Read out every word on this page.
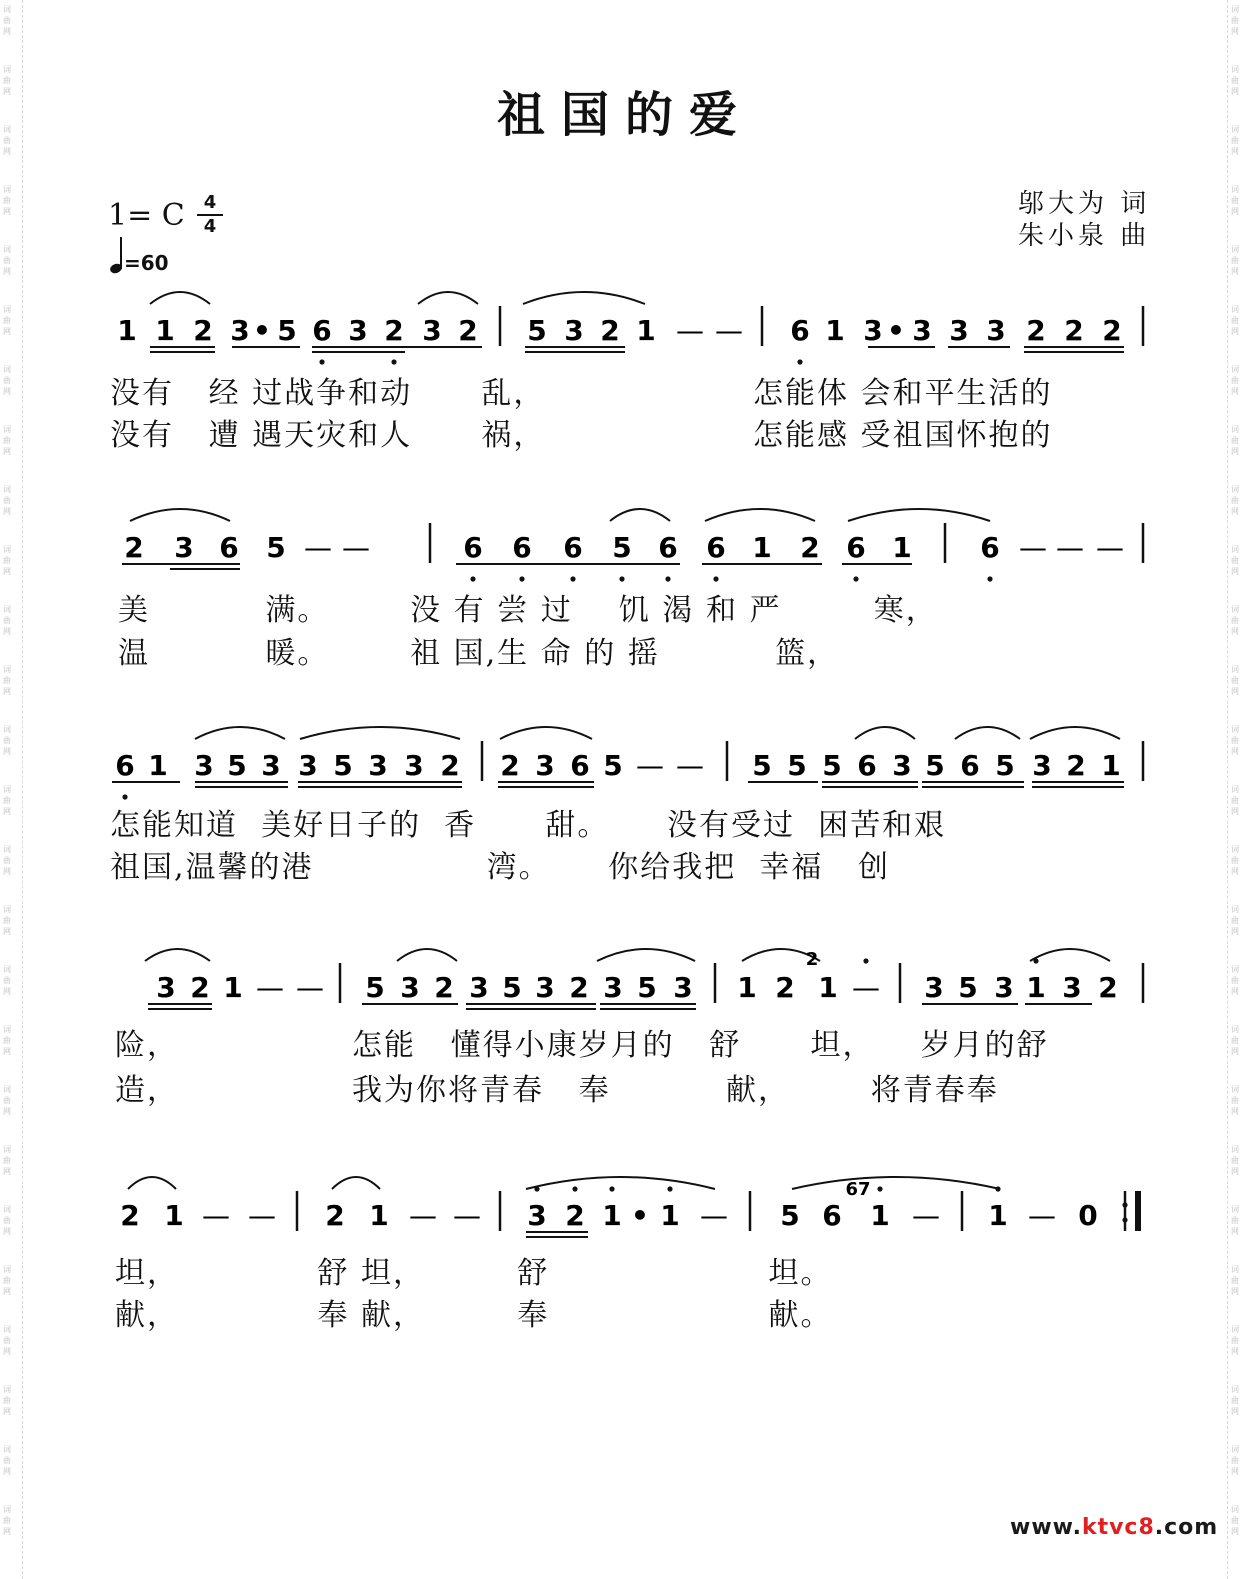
词曲网
词曲网
词曲网
词曲网
词曲网
词曲网
词曲网
词曲网
词曲网
词曲网
词曲网
词曲网
词曲网
词曲网
词曲网
词曲网
词曲网
词曲网
词曲网
词曲网
词曲网
词曲网
词曲网
词曲网
词曲网
词曲网
词曲网
词曲网
词曲网
词曲网
词曲网
词曲网
词曲网
词曲网
词曲网
词曲网
词曲网
词曲网
词曲网
词曲网
词曲网
词曲网
词曲网
词曲网
词曲网
词曲网
词曲网
词曲网
词曲网
词曲网
词曲网
词曲网
祖国的爱
1= C	4
4
=60
邬大为 词
朱小泉 曲
1 1 2 3 • 5 6 3 2 3 2 5 3 2 1 — — 6 1 3 • 3 3 3 2 2 2
2 3 6 5 — —	6 6 6 5 6 6 1 2 6 1 6 — — —
6 1 3 5 3 3 5 3 3 2 2 3 6 5 — — 5 5 5 6 3 5 6 5 3 2 1
3 2 1 — — 5 3 2 3 5 3 2 3 5 3 1 2 1 — 3 5 3 1 3 2
2
2 1 — — 2 1 — — 3 2 1 • 1 — 5 6 1 — 1 — 0
67
没有   经 过战争和动      乱，                  怎能体 会和平生活的
没有   遭 遇天灾和人      祸，                  怎能感 受祖国怀抱的
美          满。       没 有 尝 过    饥 渴 和 严        寒，
温          暖。       祖 国,生 命 的 摇          篮，
怎能知道  美好日子的  香      甜。     没有受过  困苦和艰
祖国,温馨的港               湾。     你给我把  幸福   创
险，               怎能   懂得小康岁月的   舒      坦，    岁月的舒
造，               我为你将青春   奉          献，       将青春奉
坦，            舒 坦，        舒                   坦。
献，            奉 献，        奉                   献。
www.ktvc8.com
